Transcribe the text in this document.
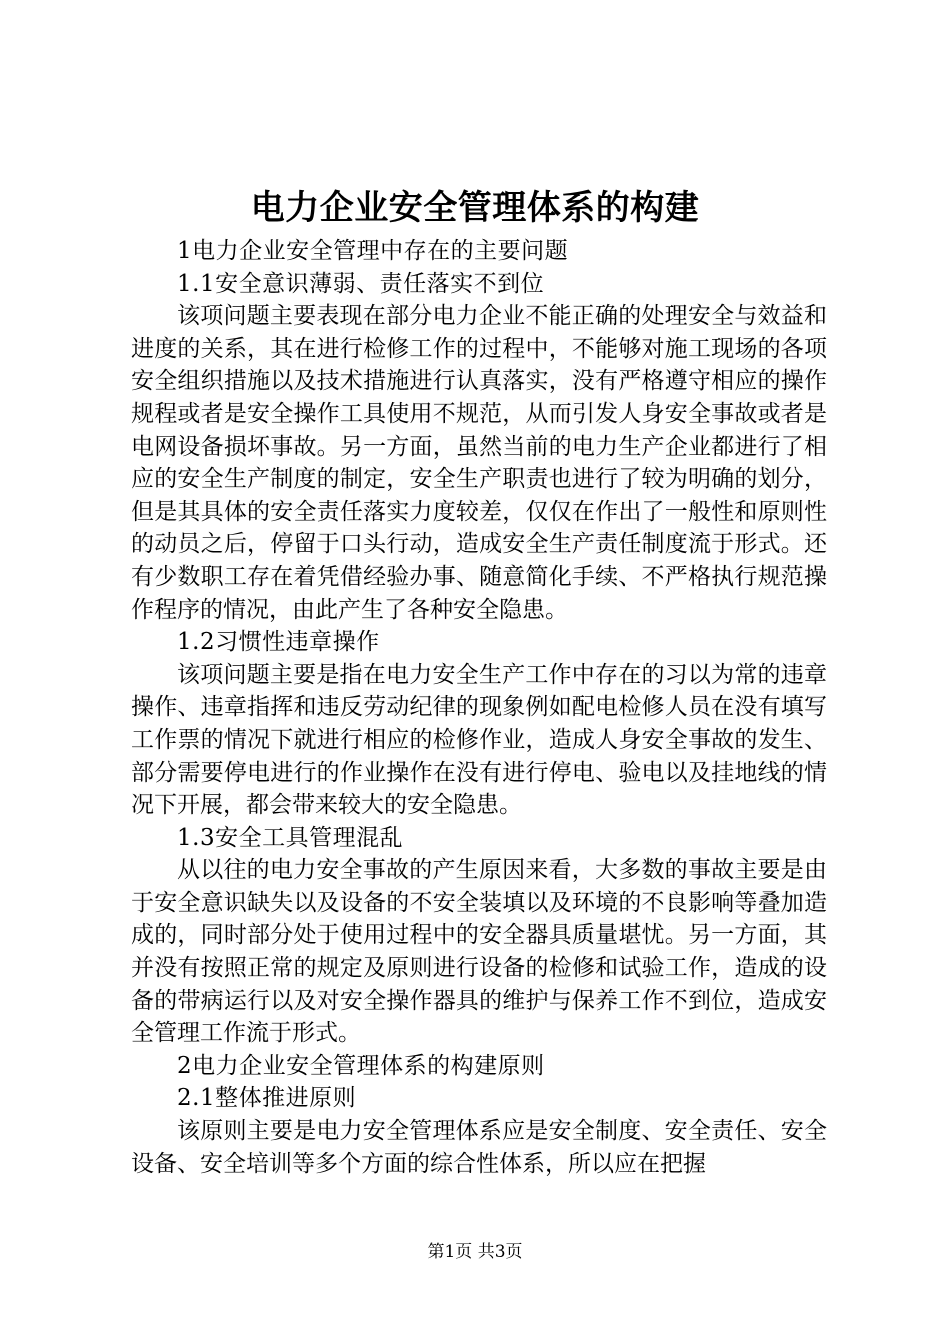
电力企业安全管理体系的构建

1电力企业安全管理中存在的主要问题

1.1安全意识薄弱、责任落实不到位

该项问题主要表现在部分电力企业不能正确的处理安全与效益和进度的关系，其在进行检修工作的过程中，不能够对施工现场的各项安全组织措施以及技术措施进行认真落实，没有严格遵守相应的操作规程或者是安全操作工具使用不规范，从而引发人身安全事故或者是电网设备损坏事故。另一方面，虽然当前的电力生产企业都进行了相应的安全生产制度的制定，安全生产职责也进行了较为明确的划分，但是其具体的安全责任落实力度较差，仅仅在作出了一般性和原则性的动员之后，停留于口头行动，造成安全生产责任制度流于形式。还有少数职工存在着凭借经验办事、随意简化手续、不严格执行规范操作程序的情况，由此产生了各种安全隐患。

1.2习惯性违章操作

该项问题主要是指在电力安全生产工作中存在的习以为常的违章操作、违章指挥和违反劳动纪律的现象例如配电检修人员在没有填写工作票的情况下就进行相应的检修作业，造成人身安全事故的发生、部分需要停电进行的作业操作在没有进行停电、验电以及挂地线的情况下开展，都会带来较大的安全隐患。

1.3安全工具管理混乱

从以往的电力安全事故的产生原因来看，大多数的事故主要是由于安全意识缺失以及设备的不安全装填以及环境的不良影响等叠加造成的，同时部分处于使用过程中的安全器具质量堪忧。另一方面，其并没有按照正常的规定及原则进行设备的检修和试验工作，造成的设备的带病运行以及对安全操作器具的维护与保养工作不到位，造成安全管理工作流于形式。

2电力企业安全管理体系的构建原则

2.1整体推进原则

该原则主要是电力安全管理体系应是安全制度、安全责任、安全设备、安全培训等多个方面的综合性体系，所以应在把握

第1页 共3页
